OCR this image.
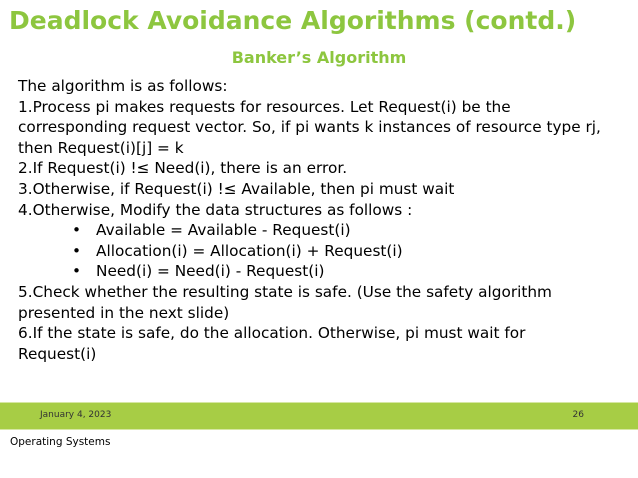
Deadlock Avoidance Algorithms (contd.)
Banker’s Algorithm
The algorithm is as follows:
1.Process pi makes requests for resources. Let Request(i) be the
corresponding request vector. So, if pi wants k instances of resource type rj,
then Request(i)[j] = k
2.If Request(i) !≤ Need(i), there is an error.
3.Otherwise, if Request(i) !≤ Available, then pi must wait
4.Otherwise, Modify the data structures as follows :
• Available = Available - Request(i)
• Allocation(i) = Allocation(i) + Request(i)
• Need(i) = Need(i) - Request(i)
5.Check whether the resulting state is safe. (Use the safety algorithm
presented in the next slide)
6.If the state is safe, do the allocation. Otherwise, pi must wait for
Request(i)
January 4, 2023	26
Operating Systems
